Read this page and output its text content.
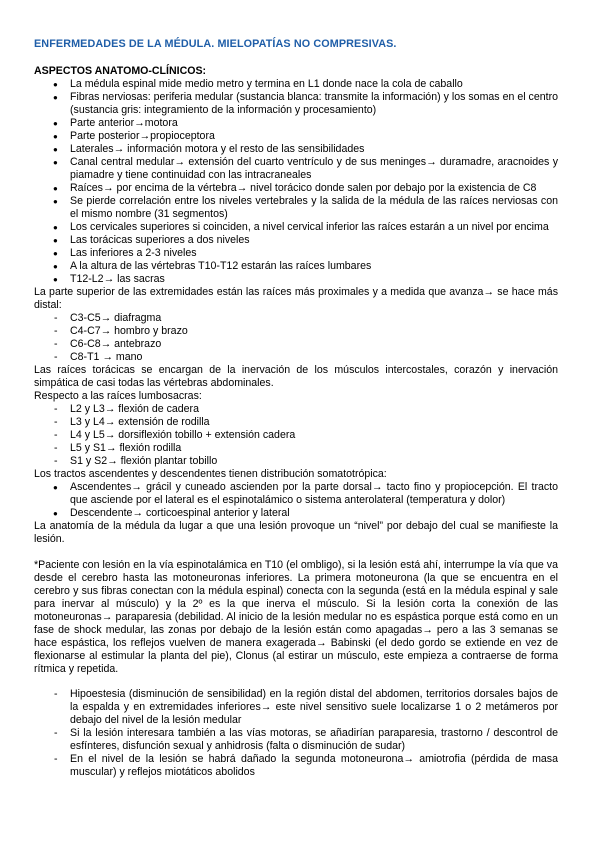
ENFERMEDADES DE LA MÉDULA. MIELOPATÍAS NO COMPRESIVAS.
ASPECTOS ANATOMO-CLÍNICOS:
● La médula espinal mide medio metro y termina en L1 donde nace la cola de caballo
● Fibras nerviosas: periferia medular (sustancia blanca: transmite la información) y los somas en el centro (sustancia gris: integramiento de la información y procesamiento)
● Parte anterior→motora
● Parte posterior→propioceptora
● Laterales→ información motora y el resto de las sensibilidades
● Canal central medular→ extensión del cuarto ventrículo y de sus meninges→ duramadre, aracnoides y piamadre y tiene continuidad con las intracraneales
● Raíces→ por encima de la vértebra→ nivel torácico donde salen por debajo por la existencia de C8
● Se pierde correlación entre los niveles vertebrales y la salida de la médula de las raíces nerviosas con el mismo nombre (31 segmentos)
● Los cervicales superiores si coinciden, a nivel cervical inferior las raíces estarán a un nivel por encima
● Las torácicas superiores a dos niveles
● Las inferiores a 2-3 niveles
● A la altura de las vértebras T10-T12 estarán las raíces lumbares
● T12-L2→ las sacras

La parte superior de las extremidades están las raíces más proximales y a medida que avanza→ se hace más distal:

- C3-C5→ diafragma
- C4-C7→ hombro y brazo
- C6-C8→ antebrazo
- C8-T1 → mano

Las raíces torácicas se encargan de la inervación de los músculos intercostales, corazón y inervación simpática de casi todas las vértebras abdominales.

Respecto a las raíces lumbosacras:

- L2 y L3→ flexión de cadera
- L3 y L4→ extensión de rodilla
- L4 y L5→ dorsiflexión tobillo + extensión cadera
- L5 y S1→ flexión rodilla
- S1 y S2→ flexión plantar tobillo

Los tractos ascendentes y descendentes tienen distribución somatotrópica:

● Ascendentes→ grácil y cuneado ascienden por la parte dorsal→ tacto fino y propiocepción. El tracto que asciende por el lateral es el espinotalámico o sistema anterolateral (temperatura y dolor)
● Descendente→ corticoespinal anterior y lateral

La anatomía de la médula da lugar a que una lesión provoque un “nivel” por debajo del cual se manifieste la lesión.

*Paciente con lesión en la vía espinotalámica en T10 (el ombligo), si la lesión está ahí, interrumpe la vía que va desde el cerebro hasta las motoneuronas inferiores. La primera motoneurona (la que se encuentra en el cerebro y sus fibras conectan con la médula espinal) conecta con la segunda (está en la médula espinal y sale para inervar al músculo) y la 2º es la que inerva el músculo. Si la lesión corta la conexión de las motoneuronas→ paraparesia (debilidad. Al inicio de la lesión medular no es espástica porque está como en un fase de shock medular, las zonas por debajo de la lesión están como apagadas→ pero a las 3 semanas se hace espástica, los reflejos vuelven de manera exagerada→ Babinski (el dedo gordo se extiende en vez de flexionarse al estimular la planta del pie), Clonus (al estirar un músculo, este empieza a contraerse de forma rítmica y repetida.

- Hipoestesia (disminución de sensibilidad) en la región distal del abdomen, territorios dorsales bajos de la espalda y en extremidades inferiores→ este nivel sensitivo suele localizarse 1 o 2 metámeros por debajo del nivel de la lesión medular
- Si la lesión interesara también a las vías motoras, se añadirían paraparesia, trastorno / descontrol de esfínteres, disfunción sexual y anhidrosis (falta o disminución de sudar)
- En el nivel de la lesión se habrá dañado la segunda motoneurona→ amiotrofia (pérdida de masa muscular) y reflejos miotáticos abolidos
